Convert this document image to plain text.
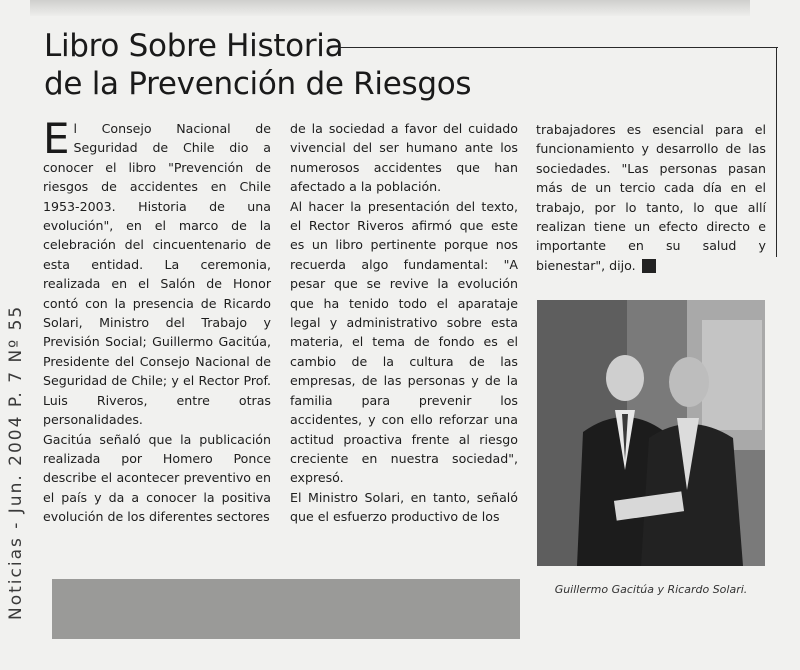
Libro Sobre Historia
de la Prevención de Riesgos
Noticias - Jun. 2004 P. 7 Nº 55

El Consejo Nacional de Seguridad de Chile dio a conocer el libro "Prevención de riesgos de accidentes en Chile 1953-2003. Historia de una evolución", en el marco de la celebración del cincuentenario de esta entidad. La ceremonia, realizada en el Salón de Honor contó con la presencia de Ricardo Solari, Ministro del Trabajo y Previsión Social; Guillermo Gacitúa, Presidente del Consejo Nacional de Seguridad de Chile; y el Rector Prof. Luis Riveros, entre otras personalidades.

Gacitúa señaló que la publicación realizada por Homero Ponce describe el acontecer preventivo en el país y da a conocer la positiva evolución de los diferentes sectores

de la sociedad a favor del cuidado vivencial del ser humano ante los numerosos accidentes que han afectado a la población.

Al hacer la presentación del texto, el Rector Riveros afirmó que este es un libro pertinente porque nos recuerda algo fundamental: "A pesar que se revive la evolución que ha tenido todo el aparataje legal y administrativo sobre esta materia, el tema de fondo es el cambio de la cultura de las empresas, de las personas y de la familia para prevenir los accidentes, y con ello reforzar una actitud proactiva frente al riesgo creciente en nuestra sociedad", expresó.

El Ministro Solari, en tanto, señaló que el esfuerzo productivo de los

trabajadores es esencial para el funcionamiento y desarrollo de las sociedades. "Las personas pasan más de un tercio cada día en el trabajo, por lo tanto, lo que allí realizan tiene un efecto directo e importante en su salud y bienestar", dijo.

Guillermo Gacitúa y Ricardo Solari.
